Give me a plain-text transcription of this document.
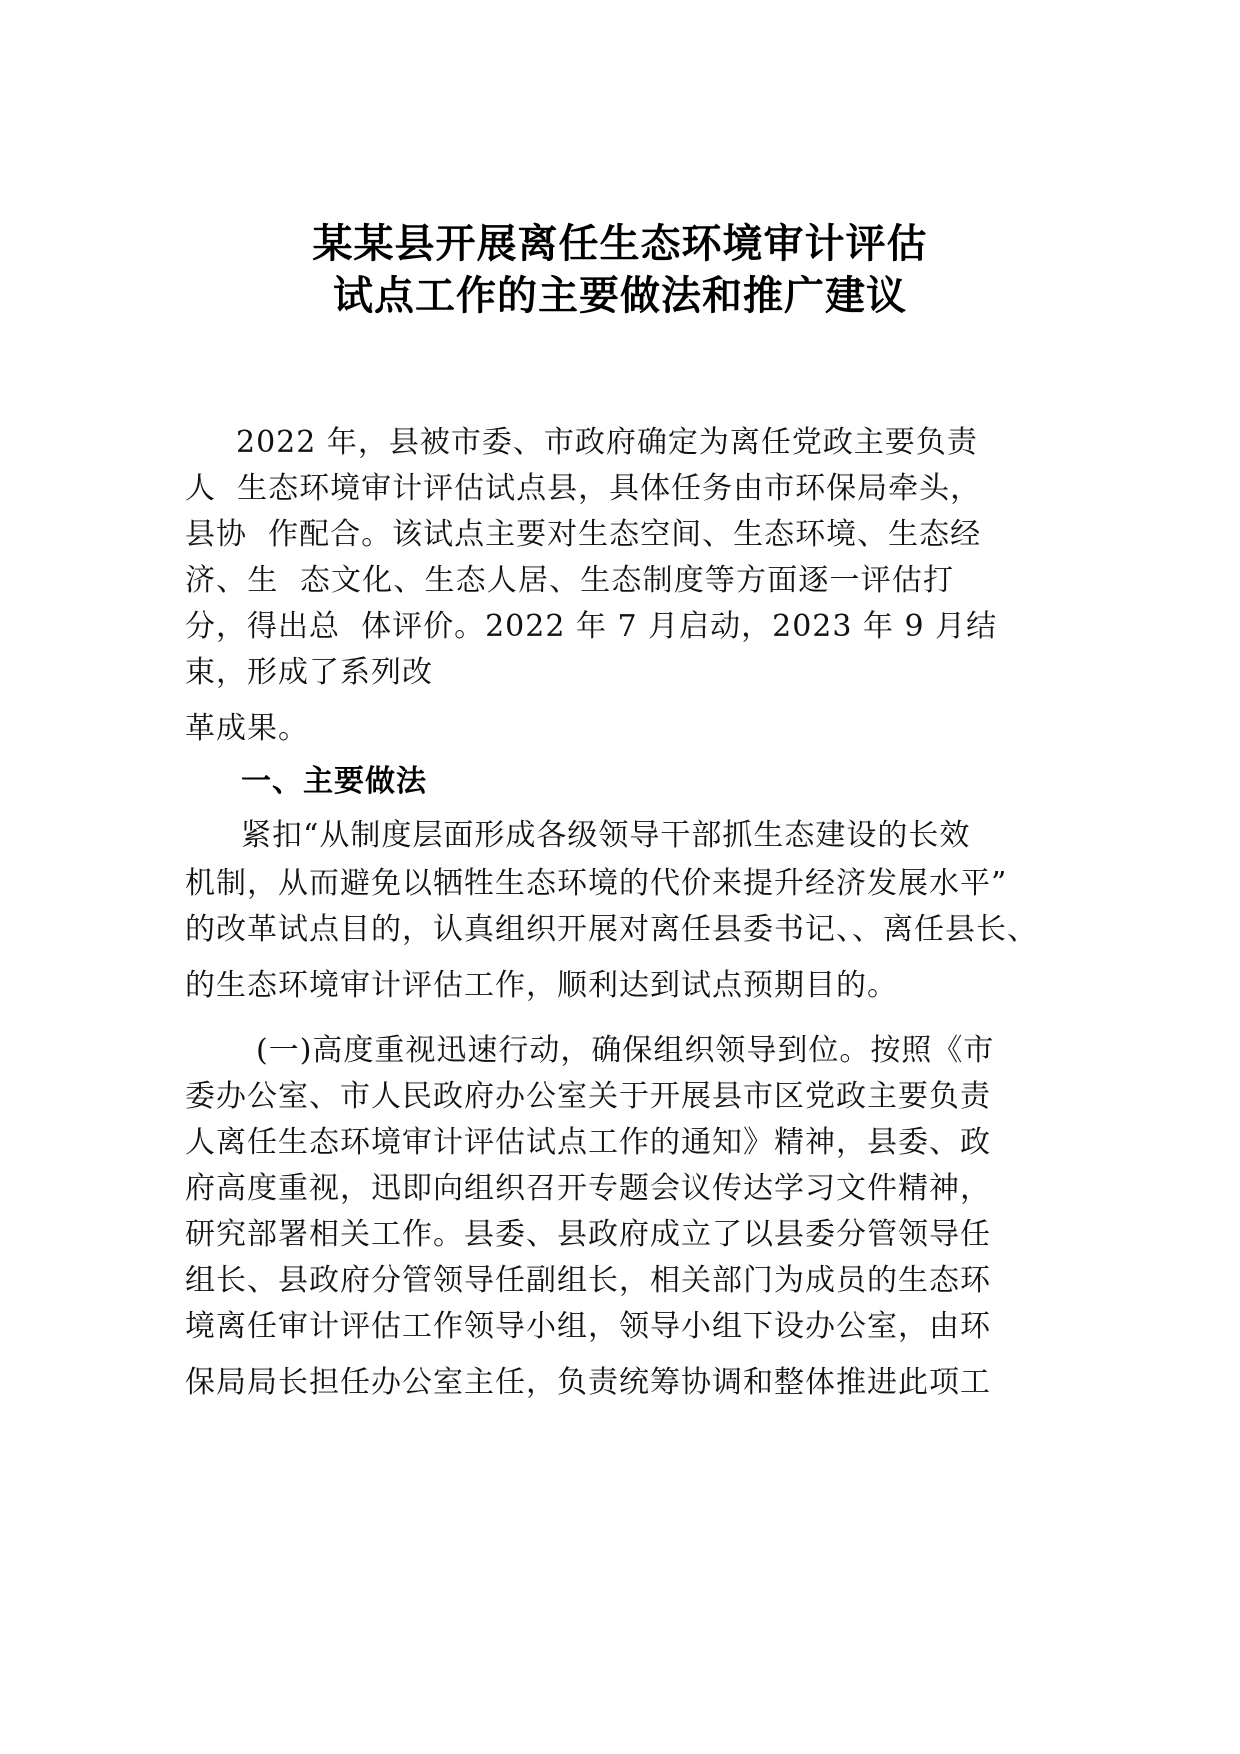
某某县开展离任生态环境审计评估
试点工作的主要做法和推广建议
2022 年，县被市委、市政府确定为离任党政主要负责
人  生态环境审计评估试点县，具体任务由市环保局牵头，
县协  作配合。该试点主要对生态空间、生态环境、生态经
济、生  态文化、生态人居、生态制度等方面逐一评估打
分，得出总  体评价。2022 年 7 月启动，2023 年 9 月结
束，形成了系列改
革成果。
一、主要做法
紧扣“从制度层面形成各级领导干部抓生态建设的长效
机制，从而避免以牺牲生态环境的代价来提升经济发展水平”
的改革试点目的，认真组织开展对离任县委书记、、离任县长、
的生态环境审计评估工作，顺利达到试点预期目的。
(一)高度重视迅速行动，确保组织领导到位。按照《市
委办公室、市人民政府办公室关于开展县市区党政主要负责
人离任生态环境审计评估试点工作的通知》精神，县委、政
府高度重视，迅即向组织召开专题会议传达学习文件精神，
研究部署相关工作。县委、县政府成立了以县委分管领导任
组长、县政府分管领导任副组长，相关部门为成员的生态环
境离任审计评估工作领导小组，领导小组下设办公室，由环
保局局长担任办公室主任，负责统筹协调和整体推进此项工
